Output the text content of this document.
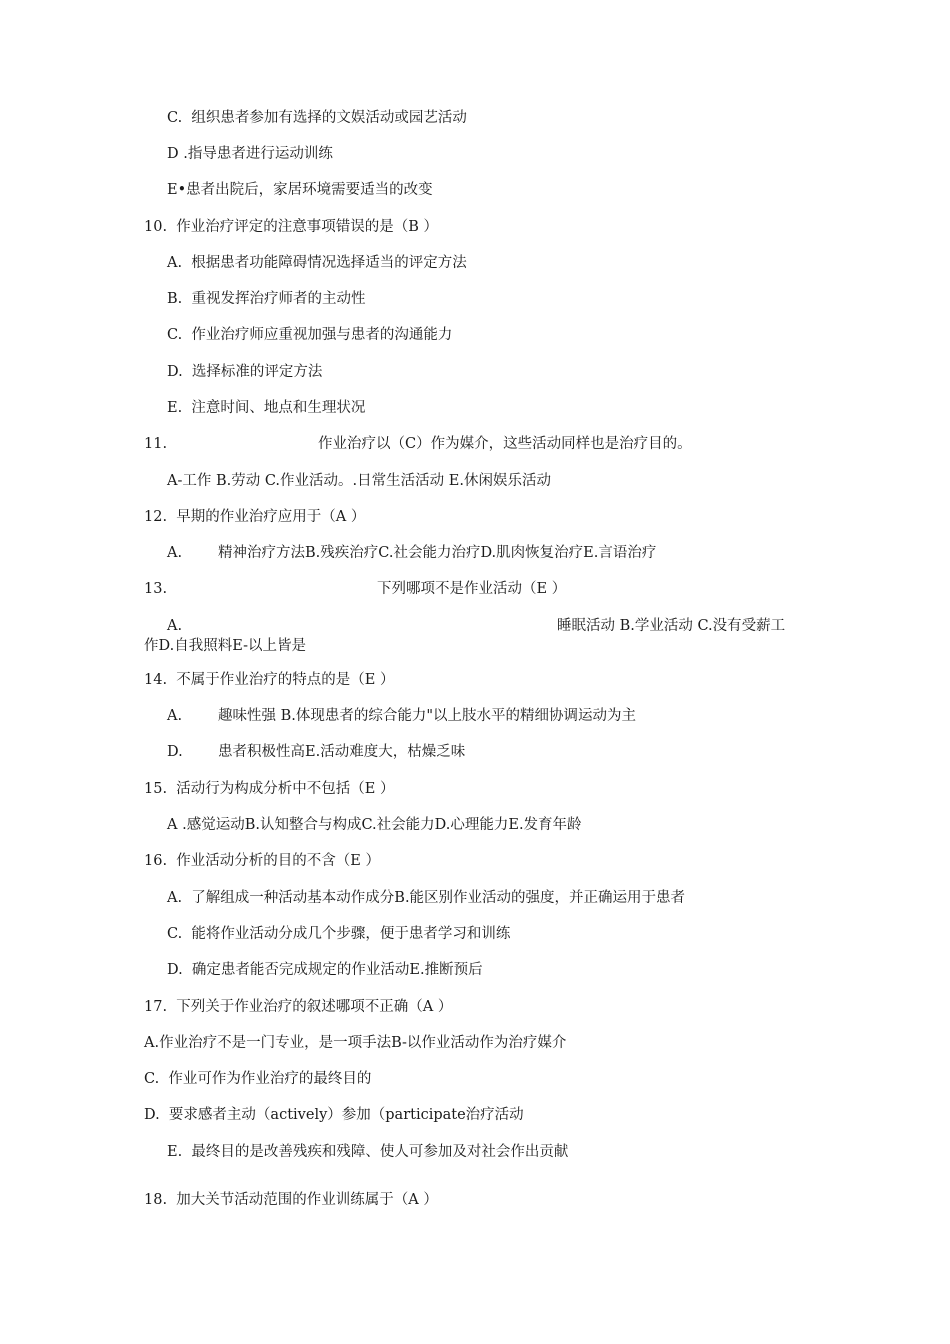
C.  组织患者参加有选择的文娱活动或园艺活动
D .指导患者进行运动训练
E•患者出院后，家居环境需要适当的改变
10.  作业治疗评定的注意事项错误的是（B ）
A.  根据患者功能障碍情况选择适当的评定方法
B.  重视发挥治疗师者的主动性
C.  作业治疗师应重视加强与患者的沟通能力
D.  选择标准的评定方法
E.  注意时间、地点和生理状况
11.	作业治疗以（C）作为媒介，这些活动同样也是治疗目的。
A-工作 B.劳动 C.作业活动。.日常生活活动 E.休闲娱乐活动
12.  早期的作业治疗应用于（A ）
A. 精神治疗方法B.残疾治疗C.社会能力治疗D.肌肉恢复治疗E.言语治疗
13.	下列哪项不是作业活动（E ）
A.	睡眠活动 B.学业活动 C.没有受薪工
作D.自我照料E-以上皆是
14.  不属于作业治疗的特点的是（E ）
A. 趣味性强 B.体现患者的综合能力"以上肢水平的精细协调运动为主
D. 患者积极性高E.活动难度大，枯燥乏味
15.  活动行为构成分析中不包括（E ）
A .感觉运动B.认知整合与构成C.社会能力D.心理能力E.发育年龄
16.  作业活动分析的目的不含（E ）
A.  了解组成一种活动基本动作成分B.能区别作业活动的强度，并正确运用于患者
C.  能将作业活动分成几个步骤，便于患者学习和训练
D.  确定患者能否完成规定的作业活动E.推断预后
17.  下列关于作业治疗的叙述哪项不正确（A ）
A.作业治疗不是一门专业，是一项手法B-以作业活动作为治疗媒介
C.  作业可作为作业治疗的最终目的
D.  要求感者主动（actively）参加（participate治疗活动
E.  最终目的是改善残疾和残障、使人可参加及对社会作出贡献
18.  加大关节活动范围的作业训练属于（A ）
